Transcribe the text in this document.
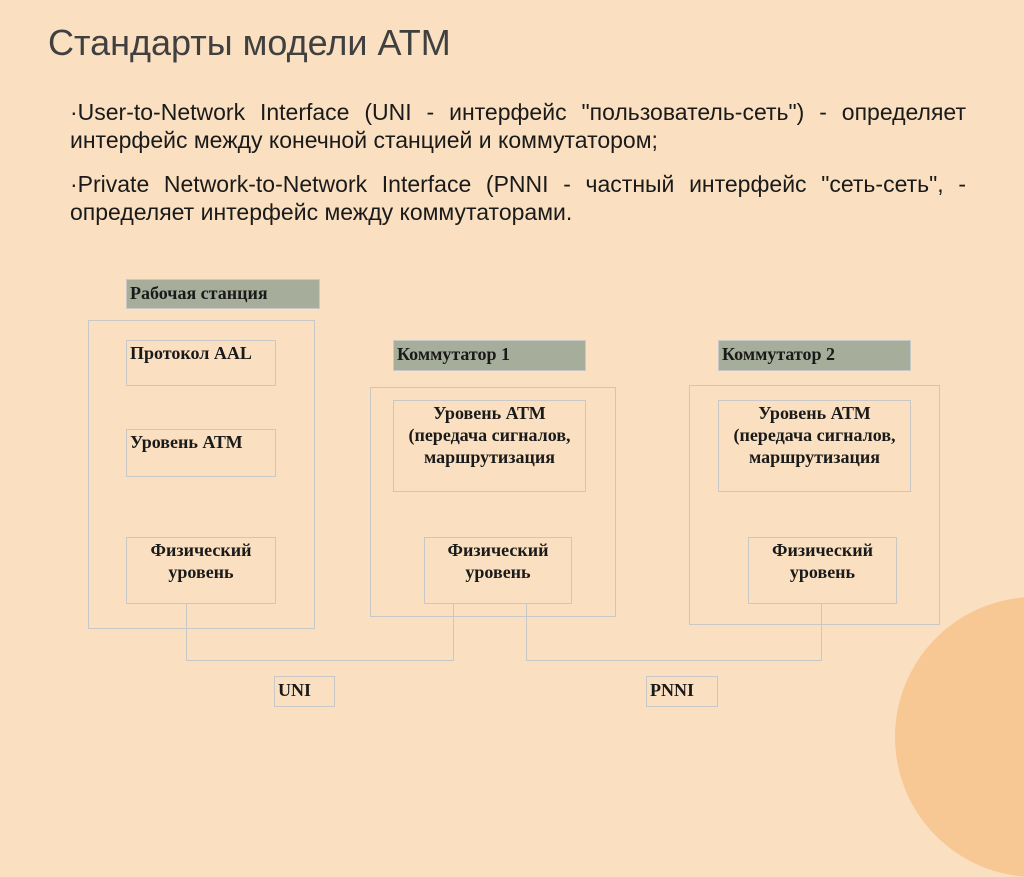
Стандарты модели АТМ
·User-to-Network Interface (UNI - интерфейс "пользователь-сеть") - определяет интерфейс между конечной станцией и коммутатором;
·Private Network-to-Network Interface (PNNI - частный интерфейс "сеть-сеть", - определяет интерфейс между коммутаторами.
Рабочая станция
Протокол AAL
Уровень АТМ
Физический уровень
Коммутатор 1
Уровень АТМ (передача сигналов, маршрутизация
Физический уровень
Коммутатор 2
Уровень АТМ (передача сигналов, маршрутизация
Физический уровень
UNI	PNNI
